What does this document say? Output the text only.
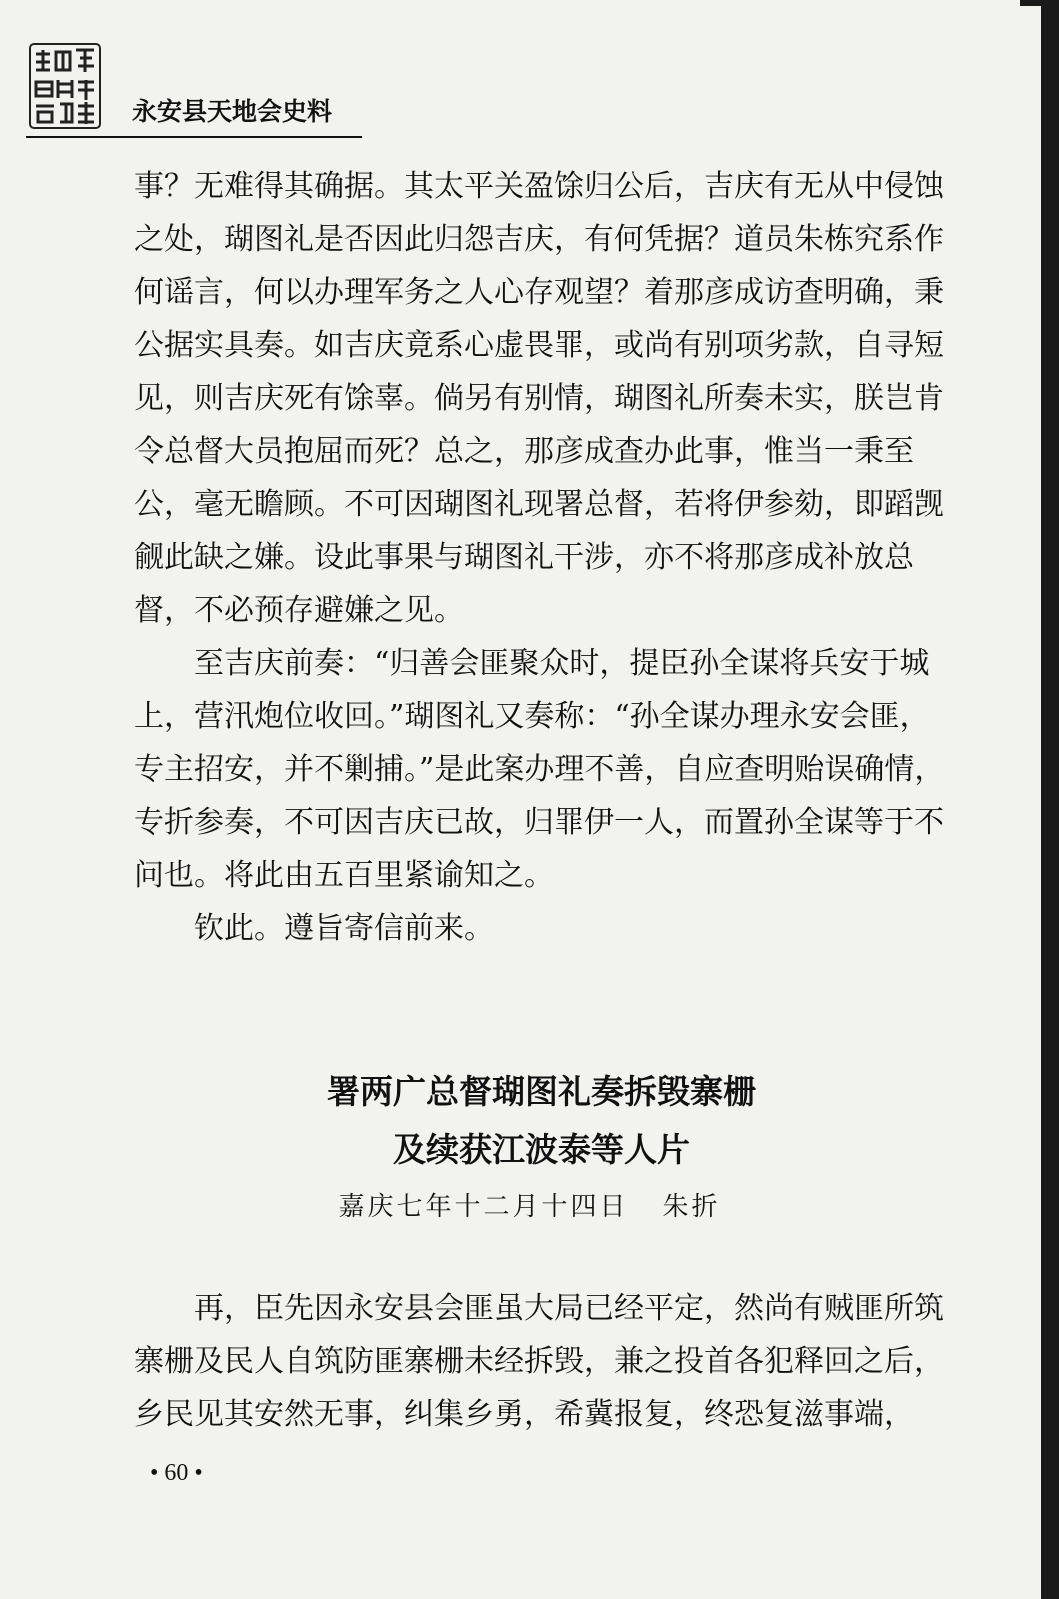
永安县天地会史料

事？无难得其确据。其太平关盈馀归公后，吉庆有无从中侵蚀之处，瑚图礼是否因此归怨吉庆，有何凭据？道员朱栋究系作何谣言，何以办理军务之人心存观望？着那彦成访查明确，秉公据实具奏。如吉庆竟系心虚畏罪，或尚有别项劣款，自寻短见，则吉庆死有馀辜。倘另有别情，瑚图礼所奏未实，朕岂肯令总督大员抱屈而死？总之，那彦成查办此事，惟当一秉至公，毫无瞻顾。不可因瑚图礼现署总督，若将伊参劾，即蹈觊觎此缺之嫌。设此事果与瑚图礼干涉，亦不将那彦成补放总督，不必预存避嫌之见。

至吉庆前奏：“归善会匪聚众时，提臣孙全谋将兵安于城上，营汛炮位收回。”瑚图礼又奏称：“孙全谋办理永安会匪，专主招安，并不剿捕。”是此案办理不善，自应查明贻误确情，专折参奏，不可因吉庆已故，归罪伊一人，而置孙全谋等于不问也。将此由五百里紧谕知之。

钦此。遵旨寄信前来。

署两广总督瑚图礼奏拆毁寨栅
及续获江波泰等人片
嘉庆七年十二月十四日 朱折

再，臣先因永安县会匪虽大局已经平定，然尚有贼匪所筑寨栅及民人自筑防匪寨栅未经拆毁，兼之投首各犯释回之后，乡民见其安然无事，纠集乡勇，希冀报复，终恐复滋事端，

• 60 •
